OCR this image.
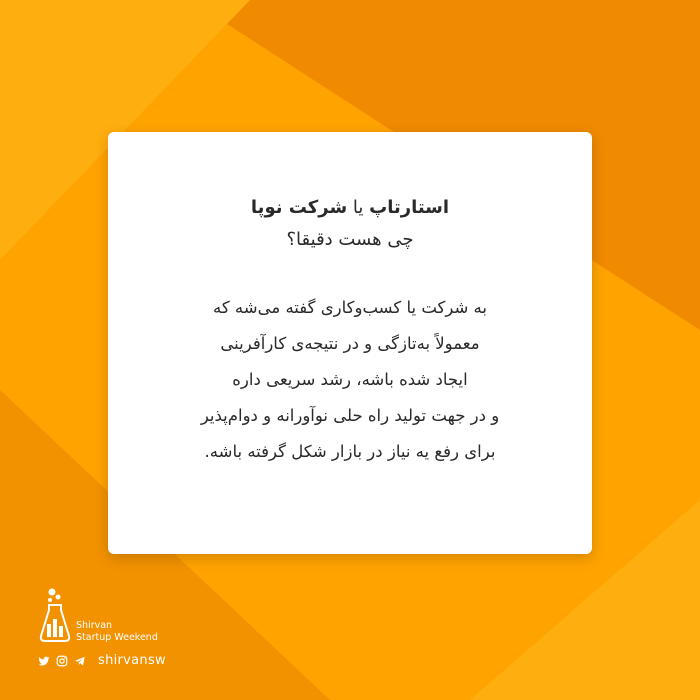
استارتاپ یا شرکت نوپا
چی هست دقیقا؟
به شرکت یا کسب‌وکاری گفته می‌شه که
معمولاً به‌تازگی و در نتیجه‌ی کارآفرینی
ایجاد شده باشه، رشد سریعی داره
و در جهت تولید راه حلی نوآورانه و دوام‌پذیر
برای رفع یه نیاز در بازار شکل گرفته باشه.
Shirvan
Startup Weekend
shirvansw
